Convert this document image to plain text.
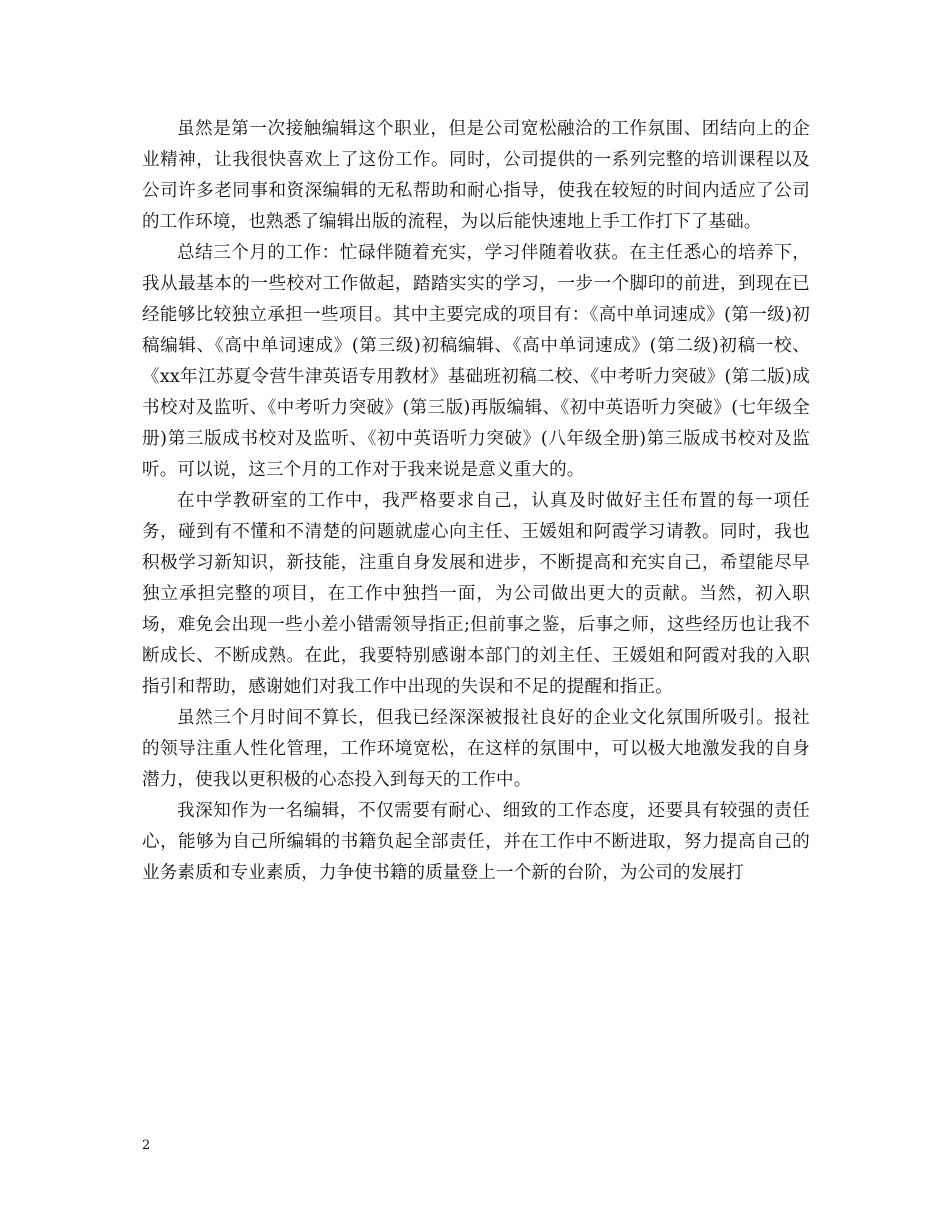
虽然是第一次接触编辑这个职业，但是公司宽松融洽的工作氛围、团结向上的企业精神，让我很快喜欢上了这份工作。同时，公司提供的一系列完整的培训课程以及公司许多老同事和资深编辑的无私帮助和耐心指导，使我在较短的时间内适应了公司的工作环境，也熟悉了编辑出版的流程，为以后能快速地上手工作打下了基础。

总结三个月的工作：忙碌伴随着充实，学习伴随着收获。在主任悉心的培养下，我从最基本的一些校对工作做起，踏踏实实的学习，一步一个脚印的前进，到现在已经能够比较独立承担一些项目。其中主要完成的项目有：《高中单词速成》(第一级)初稿编辑、《高中单词速成》(第三级)初稿编辑、《高中单词速成》(第二级)初稿一校、《xx年江苏夏令营牛津英语专用教材》基础班初稿二校、《中考听力突破》(第二版)成书校对及监听、《中考听力突破》(第三版)再版编辑、《初中英语听力突破》(七年级全册)第三版成书校对及监听、《初中英语听力突破》(八年级全册)第三版成书校对及监听。可以说，这三个月的工作对于我来说是意义重大的。

在中学教研室的工作中，我严格要求自己，认真及时做好主任布置的每一项任务，碰到有不懂和不清楚的问题就虚心向主任、王媛姐和阿霞学习请教。同时，我也积极学习新知识，新技能，注重自身发展和进步，不断提高和充实自己，希望能尽早独立承担完整的项目，在工作中独挡一面，为公司做出更大的贡献。当然，初入职场，难免会出现一些小差小错需领导指正;但前事之鉴，后事之师，这些经历也让我不断成长、不断成熟。在此，我要特别感谢本部门的刘主任、王媛姐和阿霞对我的入职指引和帮助，感谢她们对我工作中出现的失误和不足的提醒和指正。

虽然三个月时间不算长，但我已经深深被报社良好的企业文化氛围所吸引。报社的领导注重人性化管理，工作环境宽松，在这样的氛围中，可以极大地激发我的自身潜力，使我以更积极的心态投入到每天的工作中。

我深知作为一名编辑，不仅需要有耐心、细致的工作态度，还要具有较强的责任心，能够为自己所编辑的书籍负起全部责任，并在工作中不断进取，努力提高自己的业务素质和专业素质，力争使书籍的质量登上一个新的台阶，为公司的发展打

2
